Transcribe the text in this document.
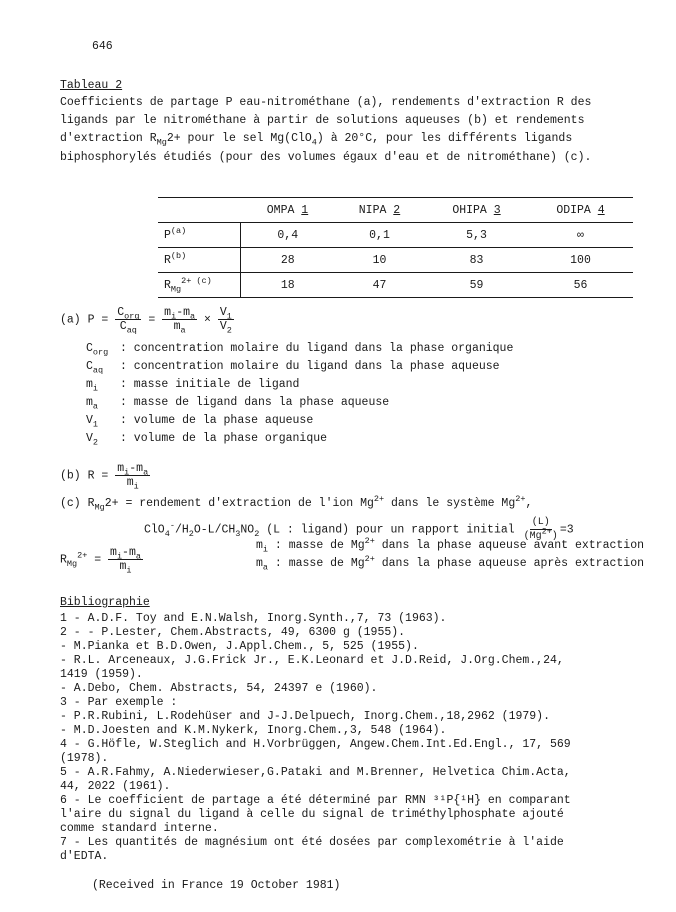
646
Tableau 2
Coefficients de partage P eau-nitrométhane (a), rendements d'extraction R des
ligands par le nitrométhane à partir de solutions aqueuses (b) et rendements
d'extraction $R_{Mg}2+$ pour le sel Mg(ClO$_4$) à 20°C, pour les différents ligands
biphosphorylés étudiés (pour des volumes égaux d'eau et de nitrométhane) (c).
	OMPA 1	NIPA 2	OHIPA 3	ODIPA 4
$P^{(a)}$	0,4	0,1	5,3	∞
$R^{(b)}$	28	10	83	100
$R_{Mg}^{2+ (c)}$	18	47	59	56
(a) $P = \frac{C_{org}}{C_{aq}} = \frac{m_i-m_a}{m_a} \times \frac{V_1}{V_2}$
$C_{org}$ : concentration molaire du ligand dans la phase organique
$C_{aq}$ : concentration molaire du ligand dans la phase aqueuse
$m_i$ : masse initiale de ligand
$m_a$ : masse de ligand dans la phase aqueuse
$V_1$ : volume de la phase aqueuse
$V_2$ : volume de la phase organique
(b) $R = \frac{m_i-m_a}{m_i}$
(c) $R_{Mg}2+$ = rendement d'extraction de l'ion $Mg^{2+}$ dans le système $Mg^{2+}$,
$ClO_4^-/H_2O-L/CH_3NO_2$ (L : ligand) pour un rapport initial $\frac{(L)}{(Mg^{2+})} =3$
$R_{Mg}^{2+} = \frac{m_i-m_a}{m_i}$
$m_i$ : masse de $Mg^{2+}$ dans la phase aqueuse avant extraction
$m_a$ : masse de $Mg^{2+}$ dans la phase aqueuse après extraction
Bibliographie
1 - A.D.F. Toy and E.N.Walsh, Inorg.Synth.,7, 73 (1963).
2 - - P.Lester, Chem.Abstracts, 49, 6300 g (1955).
- M.Pianka et B.D.Owen, J.Appl.Chem., 5, 525 (1955).
- R.L. Arceneaux, J.G.Frick Jr., E.K.Leonard et J.D.Reid, J.Org.Chem.,24,
1419 (1959).
- A.Debo, Chem. Abstracts, 54, 24397 e (1960).
3 - Par exemple :
- P.R.Rubini, L.Rodehüser and J-J.Delpuech, Inorg.Chem.,18,2962 (1979).
- M.D.Joesten and K.M.Nykerk, Inorg.Chem.,3, 548 (1964).
4 - G.Höfle, W.Steglich and H.Vorbrüggen, Angew.Chem.Int.Ed.Engl., 17, 569
(1978).
5 - A.R.Fahmy, A.Niederwieser,G.Pataki and M.Brenner, Helvetica Chim.Acta,
44, 2022 (1961).
6 - Le coefficient de partage a été déterminé par RMN ³¹P{¹H} en comparant
l'aire du signal du ligand à celle du signal de triméthylphosphate ajouté
comme standard interne.
7 - Les quantités de magnésium ont été dosées par complexométrie à l'aide
d'EDTA.
(Received in France 19 October 1981)
